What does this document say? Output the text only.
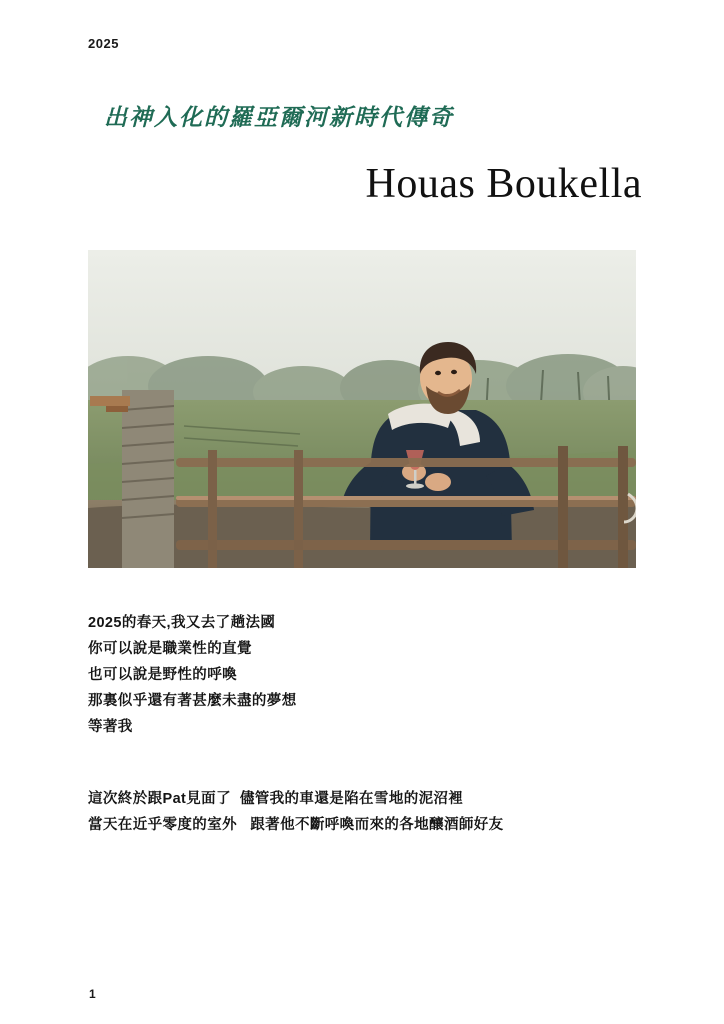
2025
出神入化的羅亞爾河新時代傳奇
Houas Boukella
2025的春天,我又去了趟法國
你可以說是職業性的直覺
也可以說是野性的呼喚
那裏似乎還有著甚麼未盡的夢想
等著我
這次終於跟Pat見面了  儘管我的車還是陷在雪地的泥沼裡
當天在近乎零度的室外   跟著他不斷呼喚而來的各地釀酒師好友
1
